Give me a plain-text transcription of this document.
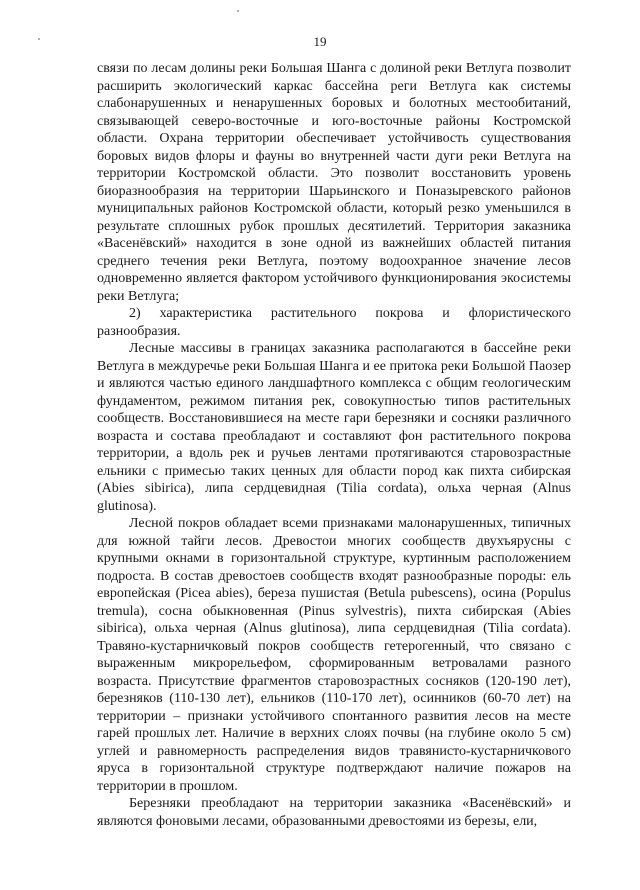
19

связи по лесам долины реки Большая Шанга с долиной реки Ветлуга позволит расширить экологический каркас бассейна реги Ветлуга как системы слабонарушенных и ненарушенных боровых и болотных местообитаний, связывающей северо-восточные и юго-восточные районы Костромской области. Охрана территории обеспечивает устойчивость существования боровых видов флоры и фауны во внутренней части дуги реки Ветлуга на территории Костромской области. Это позволит восстановить уровень биоразнообразия на территории Шарьинского и Поназыревского районов муниципальных районов Костромской области, который резко уменьшился в результате сплошных рубок прошлых десятилетий. Территория заказника «Васенёвский» находится в зоне одной из важнейших областей питания среднего течения реки Ветлуга, поэтому водоохранное значение лесов одновременно является фактором устойчивого функционирования экосистемы реки Ветлуга;

2) характеристика растительного покрова и флористического разнообразия.

Лесные массивы в границах заказника располагаются в бассейне реки Ветлуга в междуречье реки Большая Шанга и ее притока реки Большой Паозер и являются частью единого ландшафтного комплекса с общим геологическим фундаментом, режимом питания рек, совокупностью типов растительных сообществ. Восстановившиеся на месте гари березняки и сосняки различного возраста и состава преобладают и составляют фон растительного покрова территории, а вдоль рек и ручьев лентами протягиваются старовозрастные ельники с примесью таких ценных для области пород как пихта сибирская (Abies sibirica), липа сердцевидная (Tilia cordata), ольха черная (Alnus glutinosa).

Лесной покров обладает всеми признаками малонарушенных, типичных для южной тайги лесов. Древостои многих сообществ двухъярусны с крупными окнами в горизонтальной структуре, куртинным расположением подроста. В состав древостоев сообществ входят разнообразные породы: ель европейская (Picea abies), береза пушистая (Betula pubescens), осина (Populus tremula), сосна обыкновенная (Pinus sylvestris), пихта сибирская (Abies sibirica), ольха черная (Alnus glutinosa), липа сердцевидная (Tilia cordata). Травяно-кустарничковый покров сообществ гетерогенный, что связано с выраженным микрорельефом, сформированным ветровалами разного возраста. Присутствие фрагментов старовозрастных сосняков (120-190 лет), березняков (110-130 лет), ельников (110-170 лет), осинников (60-70 лет) на территории – признаки устойчивого спонтанного развития лесов на месте гарей прошлых лет. Наличие в верхних слоях почвы (на глубине около 5 см) углей и равномерность распределения видов травянисто-кустарничкового яруса в горизонтальной структуре подтверждают наличие пожаров на территории в прошлом.

Березняки преобладают на территории заказника «Васенёвский» и являются фоновыми лесами, образованными древостоями из березы, ели,
